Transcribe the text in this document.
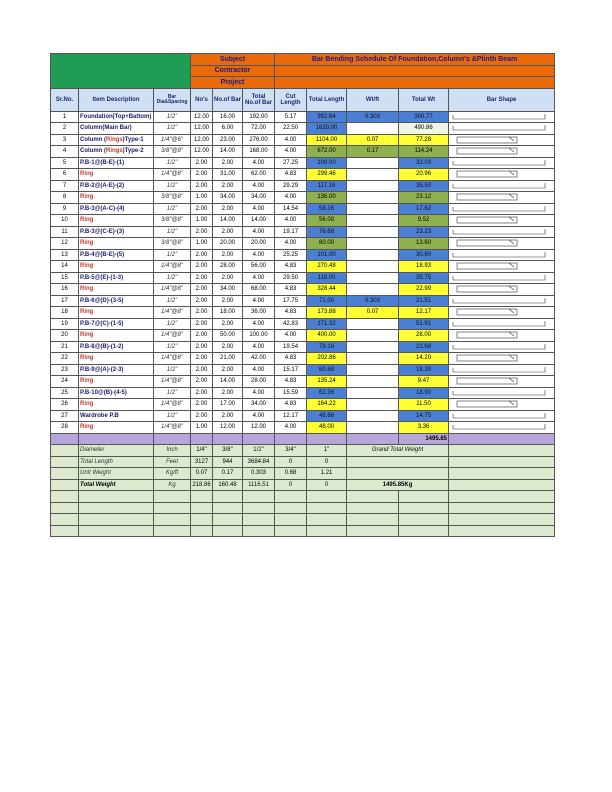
			Subject			Bar Bending Schedule Of Foundation,Column's &Plinth Beam				
			Contractor							
			Project							
Sr.No.	Item Description	Bar Dia&Spacing	No's	No.of Bar	Total No.of Bar	Cut Length	Total Length	Wt/ft	Total Wt	Bar Shape
1	Foundation(Top+Battom)	1/2"	12.00	16.00	192.00	5.17	992.64	0.303	300.77	

2	Column(Main Bar)	1/2"	12.00	6.00	72.00	22.50	1620.00		490.86	

3	Column (Rings)Type-1	1/4"@6"	12.00	23.00	276.00	4.00	1104.00	0.07	77.28	

4	Column (Rings)Type-2	3/8"@8"	12.00	14.00	168.00	4.00	672.00	0.17	114.24	

5	P.B-1@(B-E)-(1)	1/2"	2.00	2.00	4.00	27.25	109.00		33.03	

6	Ring	1/4"@8"	2.00	31.00	62.00	4.83	299.46		20.96	

7	P.B-2@(A-E)-(2)	1/2"	2.00	2.00	4.00	29.29	117.16		35.50	

8	Ring	3/8"@8"	1.00	34.00	34.00	4.00	136.00		23.12	

9	P.B-3@(A-C)-(4)	1/2"	2.00	2.00	4.00	14.54	58.16		17.62	

10	Ring	3/8"@8"	1.00	14.00	14.00	4.00	56.00		9.52	

11	P.B-3@(C-E)-(3)	1/2"	2.00	2.00	4.00	19.17	76.68		23.23	

12	Ring	3/8"@8"	1.00	20.00	20.00	4.00	80.00		13.60	

13	P.B-4@(B-E)-(5)	1/2"	2.00	2.00	4.00	25.25	101.00		30.60	

14	Ring	1/4"@8"	2.00	28.00	56.00	4.83	270.48		18.93	

15	P.B-5@(E)-(1-3)	1/2"	2.00	2.00	4.00	29.50	118.00		35.75	

16	Ring	1/4"@8"	2.00	34.00	68.00	4.83	328.44		22.99	

17	P.B-6@(D)-(3-5)	1/2"	2.00	2.00	4.00	17.75	71.00	0.303	21.51	

18	Ring	1/4"@8"	2.00	18.00	36.00	4.83	173.88	0.07	12.17	

19	P.B-7@(C)-(1-5)	1/2"	2.00	2.00	4.00	42.83	171.32		51.91	

20	Ring	1/4"@8"	2.00	50.00	100.00	4.00	400.00		28.00	

21	P.B-8@(B)-(1-2)	1/2"	2.00	2.00	4.00	19.54	78.16		23.68	

22	Ring	1/4"@8"	2.00	21.00	42.00	4.83	202.86		14.20	

23	P.B-9@(A)-(2-3)	1/2"	2.00	2.00	4.00	15.17	60.68		18.39	

24	Ring	1/4"@8"	2.00	14.00	28.00	4.83	135.24		9.47	

25	P.B-10@(B)-(4-5)	1/2"	2.00	2.00	4.00	15.59	62.36		18.90	

26	Ring	1/4"@8"	2.00	17.00	34.00	4.83	164.22		11.50	

27	Wardrobe P.B	1/2"	2.00	2.00	4.00	12.17	48.68		14.75	

28	Ring	1/4"@8"	1.00	12.00	12.00	4.00	48.00		3.36	

									1495.85	
	Diameter	Inch	1/4"	3/8"	1/2"	3/4"	1"	Grand Total Weight		
	Total Length	Feet	3127	944	3684.84	0	0			
	Unit Weight	Kg/ft	0.07	0.17	0.303	0.68	1.21			
	Total Weight	Kg	218.86	160.48	1116.51	0	0	1495.85Kg		
